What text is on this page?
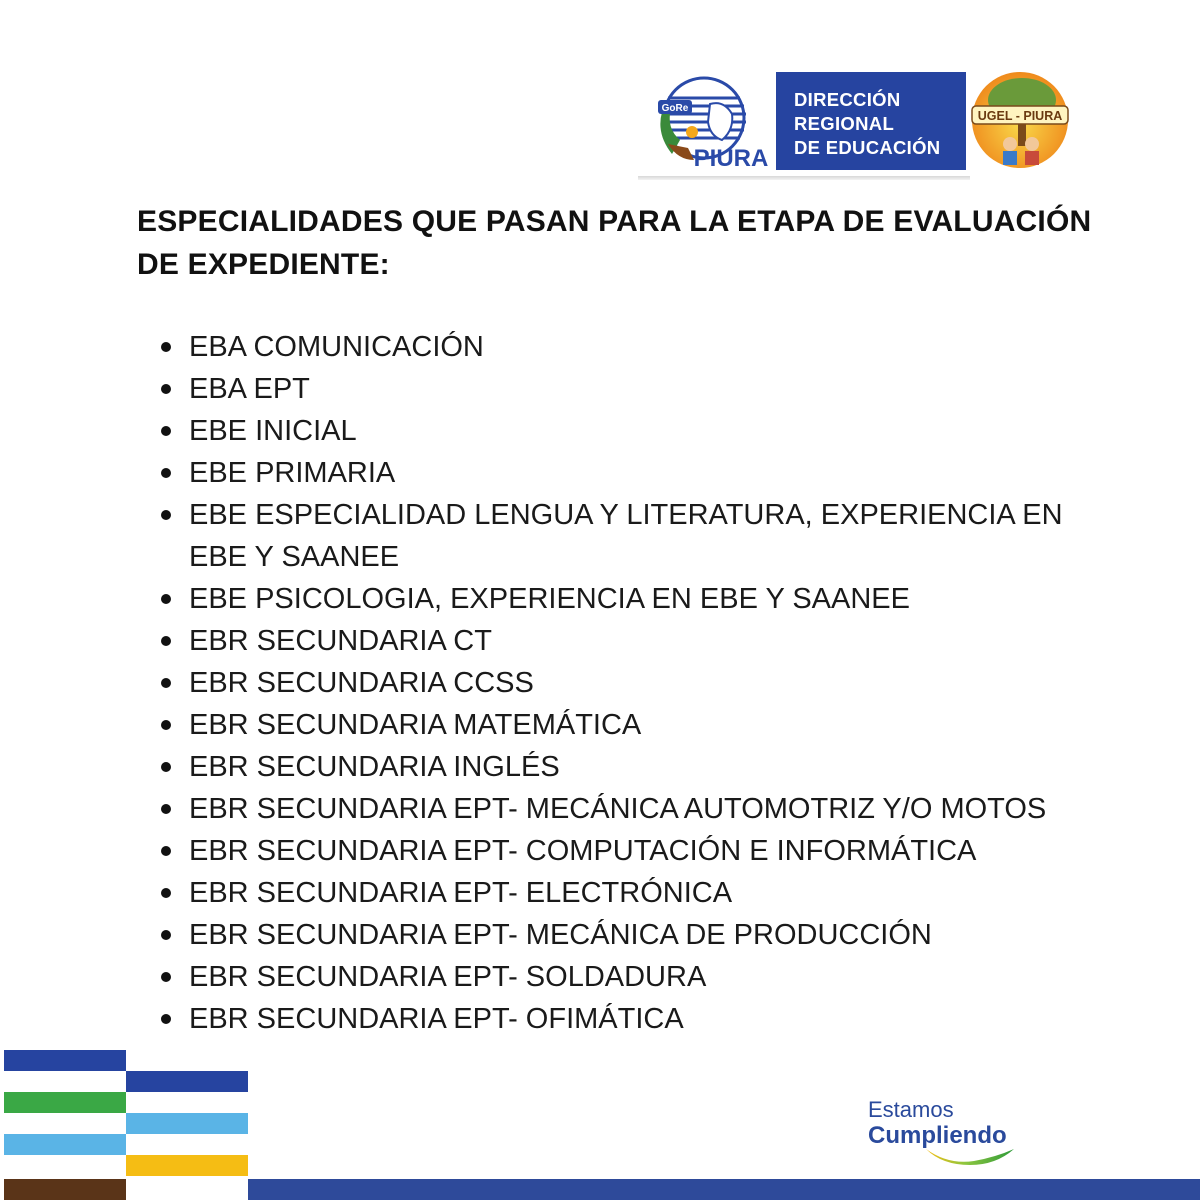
GoRe
PIURA
DIRECCIÓN
REGIONAL
DE EDUCACIÓN
UGEL - PIURA
ESPECIALIDADES QUE PASAN PARA LA ETAPA DE EVALUACIÓN DE EXPEDIENTE:
EBA COMUNICACIÓN
EBA EPT
EBE INICIAL
EBE PRIMARIA
EBE ESPECIALIDAD LENGUA Y LITERATURA, EXPERIENCIA EN EBE Y SAANEE
EBE PSICOLOGIA, EXPERIENCIA EN EBE Y SAANEE
EBR SECUNDARIA CT
EBR SECUNDARIA CCSS
EBR SECUNDARIA MATEMÁTICA
EBR SECUNDARIA INGLÉS
EBR SECUNDARIA EPT- MECÁNICA AUTOMOTRIZ Y/O MOTOS
EBR SECUNDARIA EPT- COMPUTACIÓN E INFORMÁTICA
EBR SECUNDARIA EPT- ELECTRÓNICA
EBR SECUNDARIA EPT- MECÁNICA DE PRODUCCIÓN
EBR SECUNDARIA EPT- SOLDADURA
EBR SECUNDARIA EPT- OFIMÁTICA
Estamos
Cumpliendo
